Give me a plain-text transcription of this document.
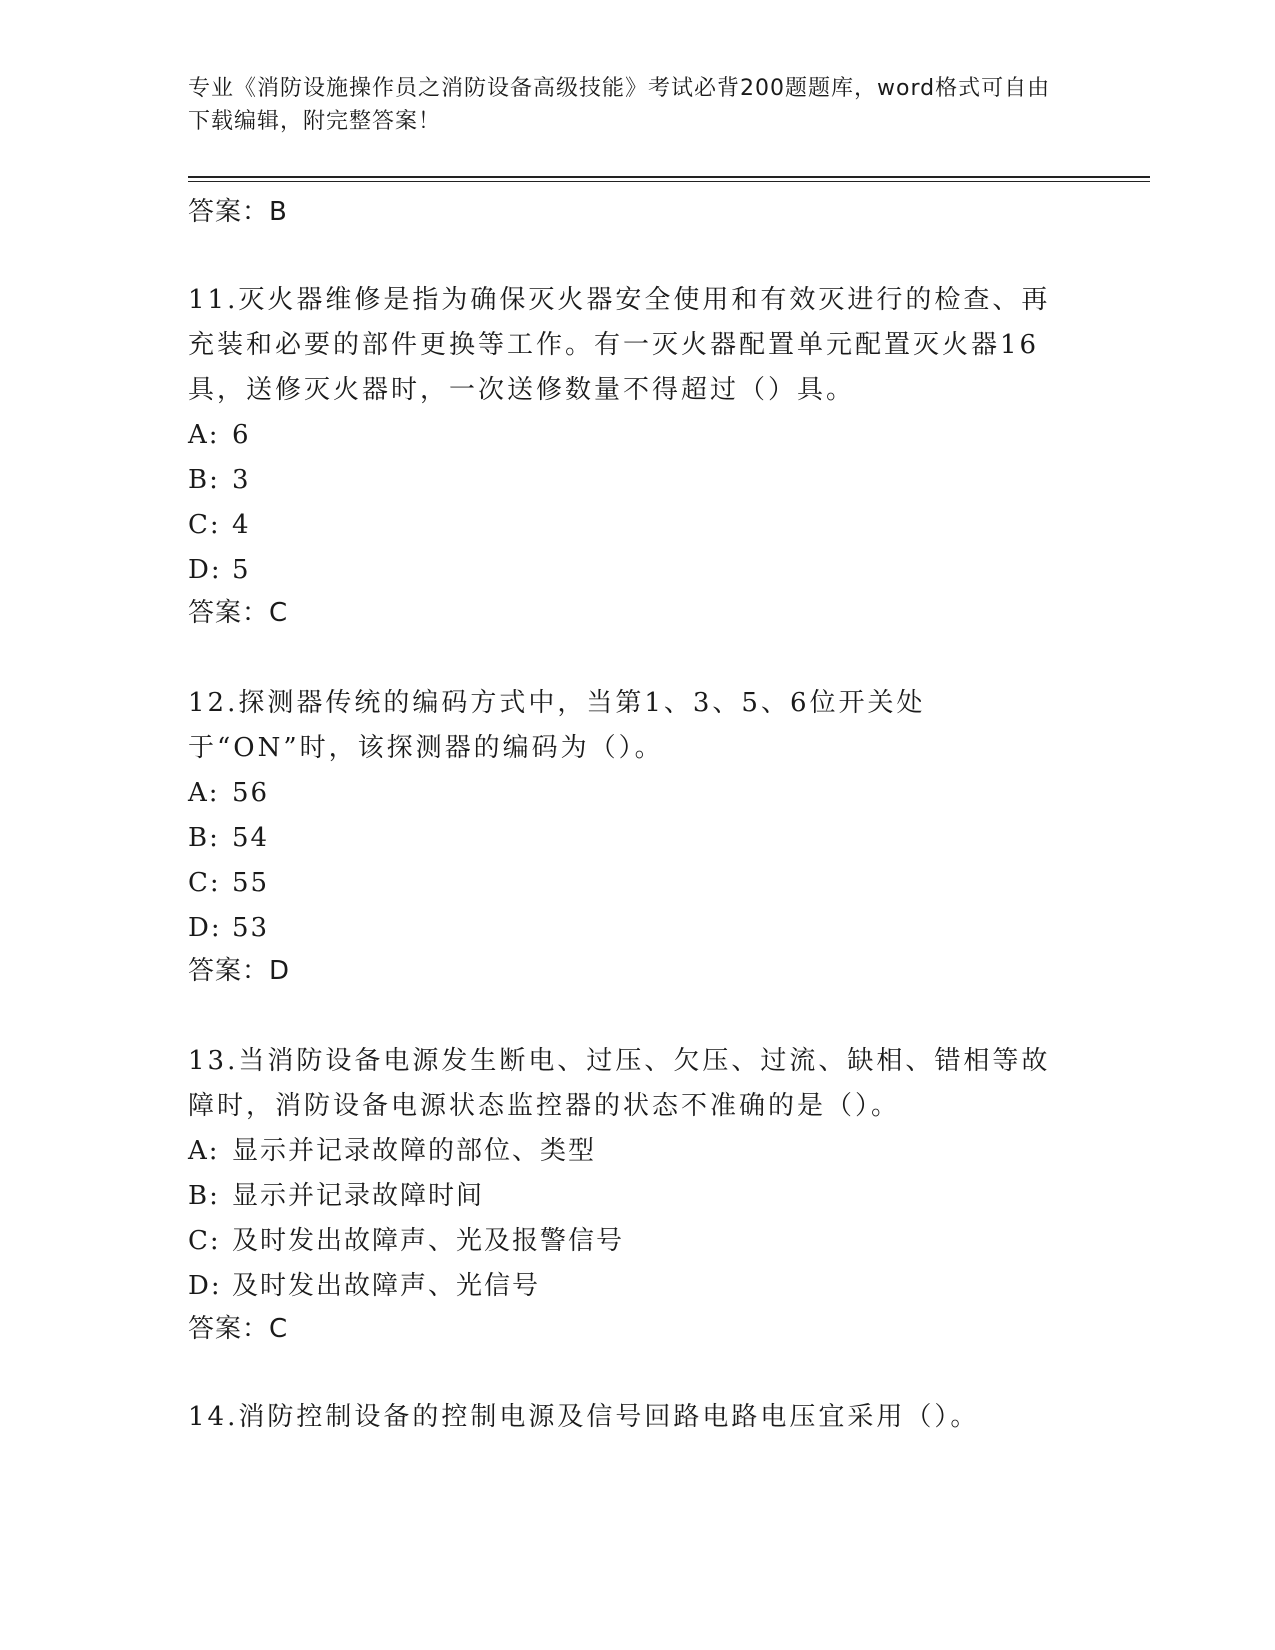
专业《消防设施操作员之消防设备高级技能》考试必背200题题库，word格式可自由下载编辑，附完整答案！

答案：B

11.灭火器维修是指为确保灭火器安全使用和有效灭进行的检查、再充装和必要的部件更换等工作。有一灭火器配置单元配置灭火器16具，送修灭火器时，一次送修数量不得超过（）具。

A: 6

B: 3

C: 4

D: 5

答案：C

12.探测器传统的编码方式中，当第1、3、5、6位开关处于“ON”时，该探测器的编码为（）。

A: 56

B: 54

C: 55

D: 53

答案：D

13.当消防设备电源发生断电、过压、欠压、过流、缺相、错相等故障时，消防设备电源状态监控器的状态不准确的是（）。

A: 显示并记录故障的部位、类型

B: 显示并记录故障时间

C: 及时发出故障声、光及报警信号

D: 及时发出故障声、光信号

答案：C

14.消防控制设备的控制电源及信号回路电路电压宜采用（）。
